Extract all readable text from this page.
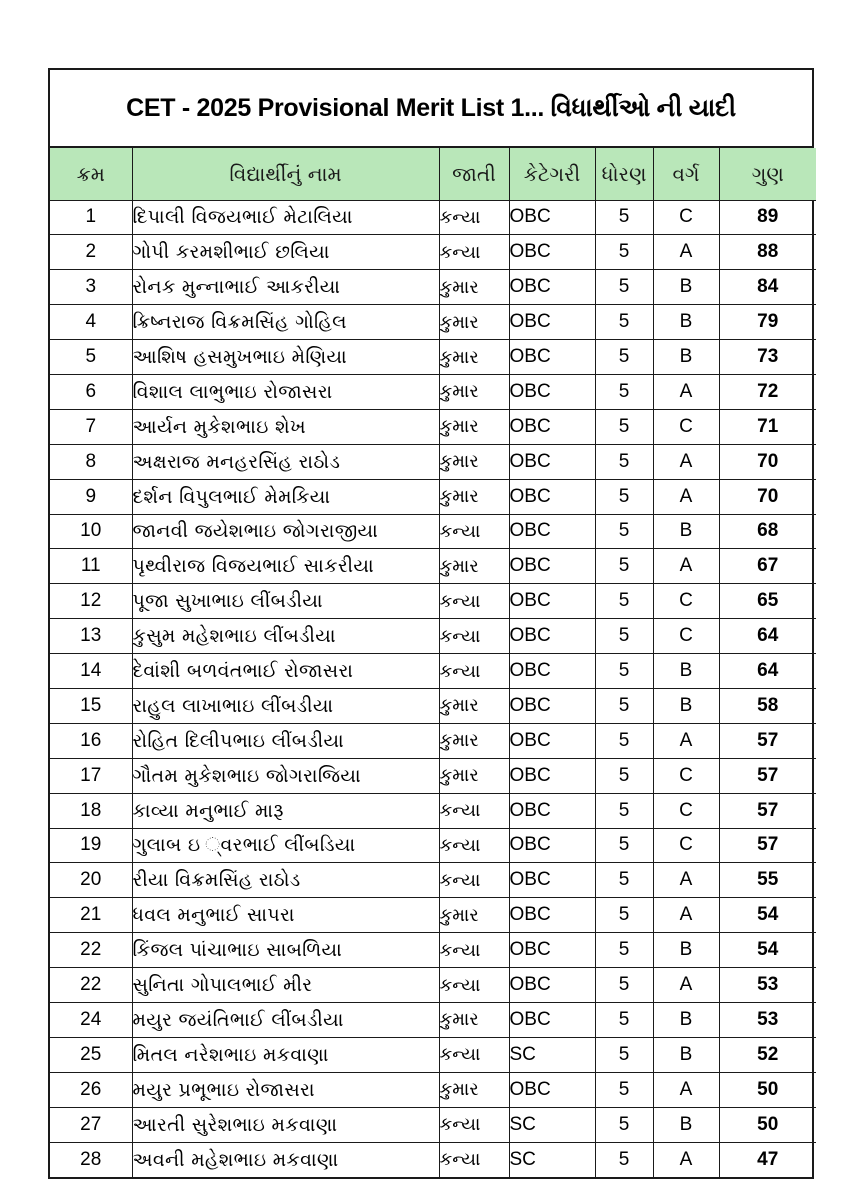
CET - 2025 Provisional Merit List 1... વિધાર્થીઓ ની યાદી
ક્રમ	વિદ્યાર્થીનું નામ	જાતી	કેટેગરી	ધોરણ	વર્ગ	ગુણ
1	દિપાલી વિજયભાઈ મેટાલિયા	કન્યા	OBC	5	C	89
2	ગોપી કરમશીભાઈ છલિયા	કન્યા	OBC	5	A	88
3	રોનક મુન્નાભાઈ આકરીયા	કુમાર	OBC	5	B	84
4	ક્રિષ્નરાજ વિક્રમસિંહ ગોહિલ	કુમાર	OBC	5	B	79
5	આશિષ હસમુખભાઇ મેણિયા	કુમાર	OBC	5	B	73
6	વિશાલ લાભુભાઇ રોજાસરા	કુમાર	OBC	5	A	72
7	આર્યન મુકેશભાઇ શેખ	કુમાર	OBC	5	C	71
8	અક્ષરાજ મનહરસિંહ રાઠોડ	કુમાર	OBC	5	A	70
9	દર્શન વિપુલભાઈ મેમકિયા	કુમાર	OBC	5	A	70
10	જાનવી જયેશભાઇ જોગરાજીયા	કન્યા	OBC	5	B	68
11	પૃથ્વીરાજ વિજયભાઈ સાકરીયા	કુમાર	OBC	5	A	67
12	પૂજા સુખાભાઇ લીંબડીયા	કન્યા	OBC	5	C	65
13	કુસુમ મહેશભાઇ લીંબડીયા	કન્યા	OBC	5	C	64
14	દેવાંશી બળવંતભાઈ રોજાસરા	કન્યા	OBC	5	B	64
15	રાહુલ લાખાભાઇ લીંબડીયા	કુમાર	OBC	5	B	58
16	રોહિત દિલીપભાઇ લીંબડીયા	કુમાર	OBC	5	A	57
17	ગૌતમ મુકેશભાઇ જોગરાજિયા	કુમાર	OBC	5	C	57
18	કાવ્યા મનુભાઈ મારૂ	કન્યા	OBC	5	C	57
19	ગુલાબ ઇ ્વરભાઈ લીંબડિયા	કન્યા	OBC	5	C	57
20	રીયા વિક્રમસિંહ રાઠોડ	કન્યા	OBC	5	A	55
21	ધવલ મનુભાઈ સાપરા	કુમાર	OBC	5	A	54
22	કિંજલ પાંચાભાઇ સાબળિયા	કન્યા	OBC	5	B	54
22	સુનિતા ગોપાલભાઈ મીર	કન્યા	OBC	5	A	53
24	મયુર જયંતિભાઈ લીંબડીયા	કુમાર	OBC	5	B	53
25	મિતલ નરેશભાઇ મકવાણા	કન્યા	SC	5	B	52
26	મયુર પ્રભૂભાઇ રોજાસરા	કુમાર	OBC	5	A	50
27	આરતી સુરેશભાઇ મકવાણા	કન્યા	SC	5	B	50
28	અવની મહેશભાઇ મકવાણા	કન્યા	SC	5	A	47
